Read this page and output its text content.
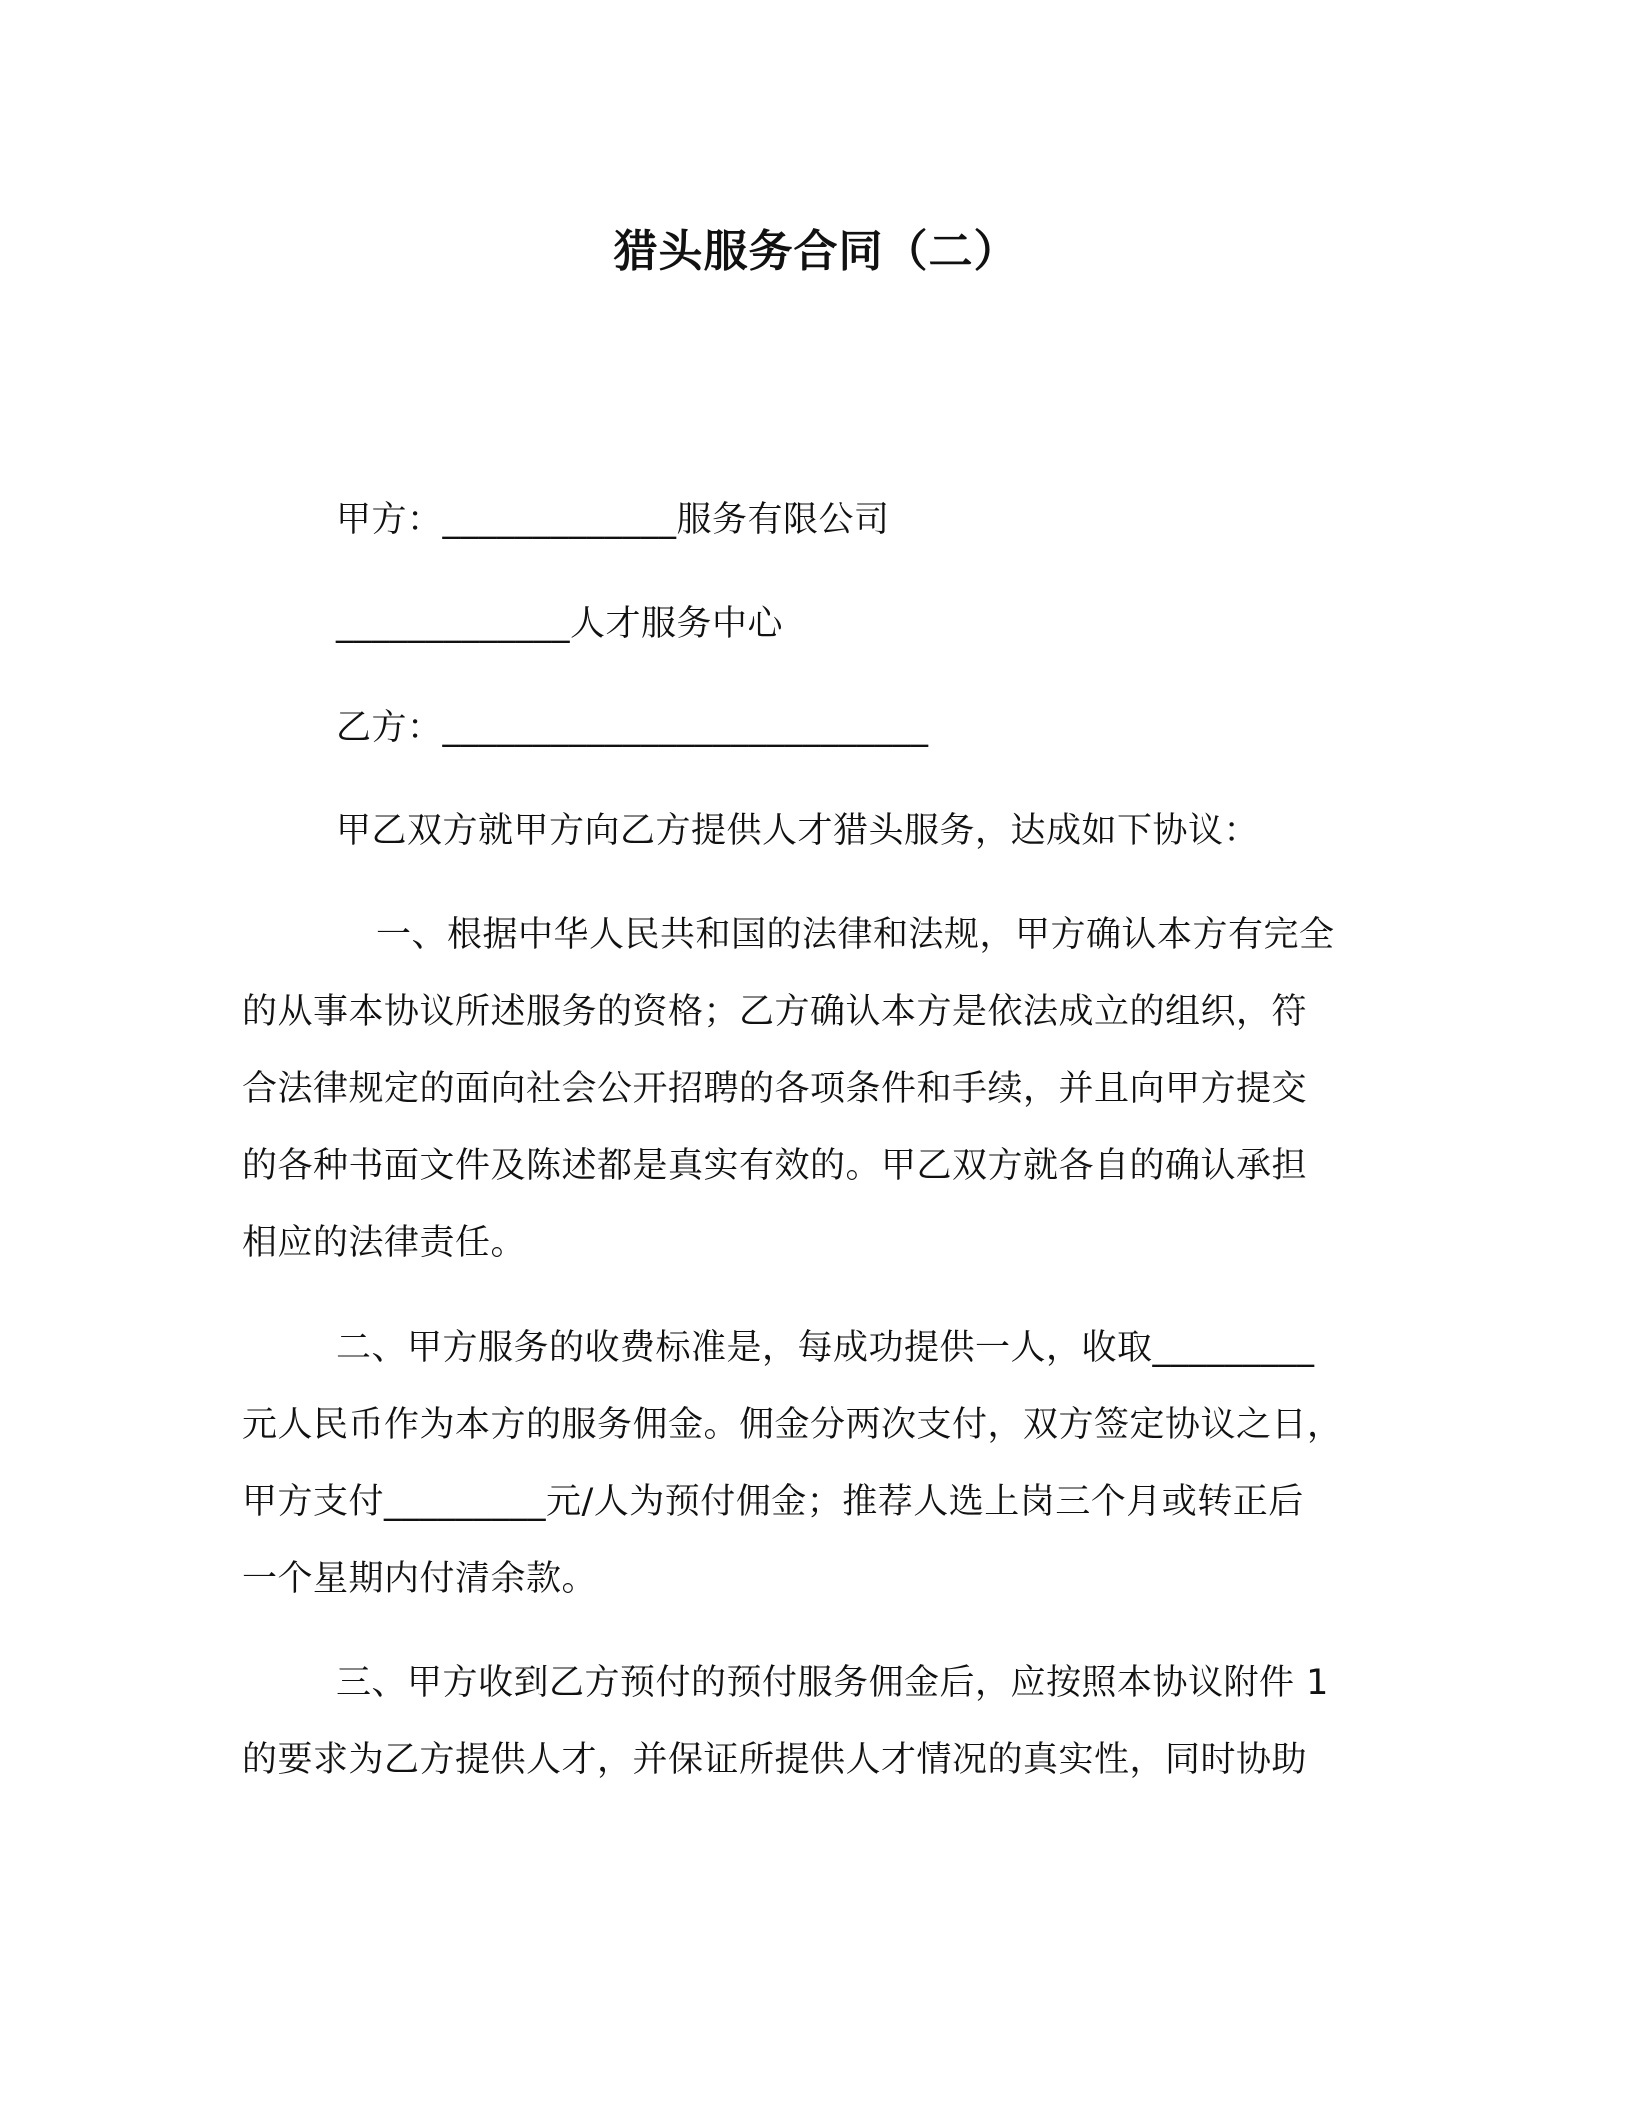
猎头服务合同（二）
甲方：_____________服务有限公司
_____________人才服务中心
乙方：___________________________
甲乙双方就甲方向乙方提供人才猎头服务，达成如下协议：
一、根据中华人民共和国的法律和法规，甲方确认本方有完全
的从事本协议所述服务的资格；乙方确认本方是依法成立的组织，符
合法律规定的面向社会公开招聘的各项条件和手续，并且向甲方提交
的各种书面文件及陈述都是真实有效的。甲乙双方就各自的确认承担
相应的法律责任。
二、甲方服务的收费标准是，每成功提供一人，收取_________
元人民币作为本方的服务佣金。佣金分两次支付，双方签定协议之日，
甲方支付_________元/人为预付佣金；推荐人选上岗三个月或转正后
一个星期内付清余款。
三、甲方收到乙方预付的预付服务佣金后，应按照本协议附件 1
的要求为乙方提供人才，并保证所提供人才情况的真实性，同时协助
